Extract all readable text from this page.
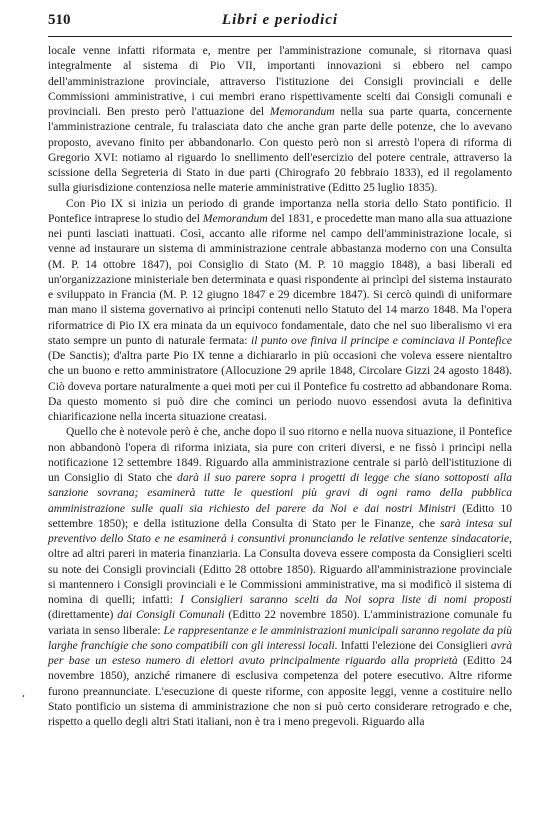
510	Libri e periodici

locale venne infatti riformata e, mentre per l'amministrazione comunale, si ritornava quasi integralmente al sistema di Pio VII, importanti innovazioni si ebbero nel campo dell'amministrazione provinciale, attraverso l'istituzione dei Consigli provinciali e delle Commissioni amministrative, i cui membri erano rispettivamente scelti dai Consigli comunali e provinciali. Ben presto però l'attuazione del Memorandum nella sua parte quarta, concernente l'amministrazione centrale, fu tralasciata dato che anche gran parte delle potenze, che lo avevano proposto, avevano finito per abbandonarlo. Con questo però non si arrestò l'opera di riforma di Gregorio XVI: notiamo al riguardo lo snellimento dell'esercizio del potere centrale, attraverso la scissione della Segreteria di Stato in due parti (Chirografo 20 febbraio 1833), ed il regolamento sulla giurisdizione contenziosa nelle materie amministrative (Editto 25 luglio 1835).

Con Pio IX si inizia un periodo di grande importanza nella storia dello Stato pontificio. Il Pontefice intraprese lo studio del Memorandum del 1831, e procedette man mano alla sua attuazione nei punti lasciati inattuati. Così, accanto alle riforme nel campo dell'amministrazione locale, si venne ad instaurare un sistema di amministrazione centrale abbastanza moderno con una Consulta (M. P. 14 ottobre 1847), poi Consiglio di Stato (M. P. 10 maggio 1848), a basi liberali ed un'organizzazione ministeriale ben determinata e quasi rispondente ai princìpi del sistema instaurato e sviluppato in Francia (M. P. 12 giugno 1847 e 29 dicembre 1847). Si cercò quindi di uniformare man mano il sistema governativo ai princìpi contenuti nello Statuto del 14 marzo 1848. Ma l'opera riformatrice di Pio IX era minata da un equivoco fondamentale, dato che nel suo liberalismo vi era stato sempre un punto di naturale fermata: il punto ove finiva il principe e cominciava il Pontefice (De Sanctis); d'altra parte Pio IX tenne a dichiararlo in più occasioni che voleva essere nientaltro che un buono e retto amministratore (Allocuzione 29 aprile 1848, Circolare Gizzi 24 agosto 1848). Ciò doveva portare naturalmente a quei moti per cui il Pontefice fu costretto ad abbandonare Roma. Da questo momento si può dire che cominci un periodo nuovo essendosi avuta la definitiva chiarificazione nella incerta situazione creatasi.

Quello che è notevole però è che, anche dopo il suo ritorno e nella nuova situazione, il Pontefice non abbandonò l'opera di riforma iniziata, sia pure con criteri diversi, e ne fissò i princìpi nella notificazione 12 settembre 1849. Riguardo alla amministrazione centrale si parlò dell'istituzione di un Consiglio di Stato che darà il suo parere sopra i progetti di legge che siano sottoposti alla sanzione sovrana; esaminerà tutte le questioni più gravi di ogni ramo della pubblica amministrazione sulle quali sia richiesto del parere da Noi e dai nostri Ministri (Editto 10 settembre 1850); e della istituzione della Consulta di Stato per le Finanze, che sarà intesa sul preventivo dello Stato e ne esaminerà i consuntivi pronunciando le relative sentenze sindacatorie, oltre ad altri pareri in materia finanziaria. La Consulta doveva essere composta da Consiglieri scelti su note dei Consigli provinciali (Editto 28 ottobre 1850). Riguardo all'amministrazione provinciale si mantennero i Consigli provinciali e le Commissioni amministrative, ma si modificò il sistema di nomina di quelli; infatti: I Consiglieri saranno scelti da Noi sopra liste di nomi proposti (direttamente) dai Consigli Comunali (Editto 22 novembre 1850). L'amministrazione comunale fu variata in senso liberale: Le rappresentanze e le amministrazioni municipali saranno regolate da più larghe franchigie che sono compatibili con gli interessi locali. Infatti l'elezione dei Consiglieri avrà per base un esteso numero di elettori avuto principalmente riguardo alla proprietà (Editto 24 novembre 1850), anziché rimanere di esclusiva competenza del potere esecutivo. Altre riforme furono preannunciate. L'esecuzione di queste riforme, con apposite leggi, venne a costituire nello Stato pontificio un sistema di amministrazione che non si può certo considerare retrogrado e che, rispetto a quello degli altri Stati italiani, non è tra i meno pregevoli. Riguardo alla

,
